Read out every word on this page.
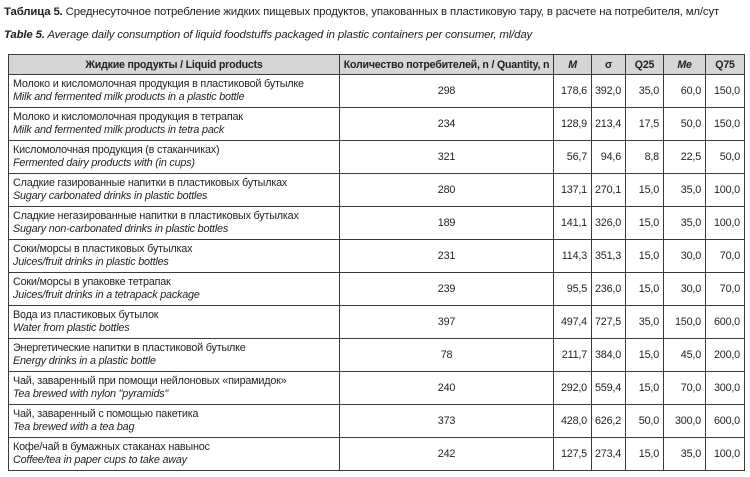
Таблица 5. Среднесуточное потребление жидких пищевых продуктов, упакованных в пластиковую тару, в расчете на потребителя, мл/сут
Table 5. Average daily consumption of liquid foodstuffs packaged in plastic containers per consumer, ml/day
Жидкие продукты / Liquid products	Количество потребителей, n / Quantity, n	M	σ	Q25	Me	Q75

Молоко и кисломолочная продукция в пластиковой бутылке
Milk and fermented milk products in a plastic bottle	298	178,6	392,0	35,0	60,0	150,0

Молоко и кисломолочная продукция в тетрапак
Milk and fermented milk products in tetra pack	234	128,9	213,4	17,5	50,0	150,0

Кисломолочная продукция (в стаканчиках)
Fermented dairy products with (in cups)	321	56,7	94,6	8,8	22,5	50,0

Сладкие газированные напитки в пластиковых бутылках
Sugary carbonated drinks in plastic bottles	280	137,1	270,1	15,0	35,0	100,0

Сладкие негазированные напитки в пластиковых бутылках
Sugary non-carbonated drinks in plastic bottles	189	141,1	326,0	15,0	35,0	100,0

Соки/морсы в пластиковых бутылках
Juices/fruit drinks in plastic bottles	231	114,3	351,3	15,0	30,0	70,0

Соки/морсы в упаковке тетрапак
Juices/fruit drinks in a tetrapack package	239	95,5	236,0	15,0	30,0	70,0

Вода из пластиковых бутылок
Water from plastic bottles	397	497,4	727,5	35,0	150,0	600,0

Энергетические напитки в пластиковой бутылке
Energy drinks in a plastic bottle	78	211,7	384,0	15,0	45,0	200,0

Чай, заваренный при помощи нейлоновых «пирамидок»
Tea brewed with nylon "pyramids"	240	292,0	559,4	15,0	70,0	300,0

Чай, заваренный с помощью пакетика
Tea brewed with a tea bag	373	428,0	626,2	50,0	300,0	600,0

Кофе/чай в бумажных стаканах навынос
Coffee/tea in paper cups to take away	242	127,5	273,4	15,0	35,0	100,0
